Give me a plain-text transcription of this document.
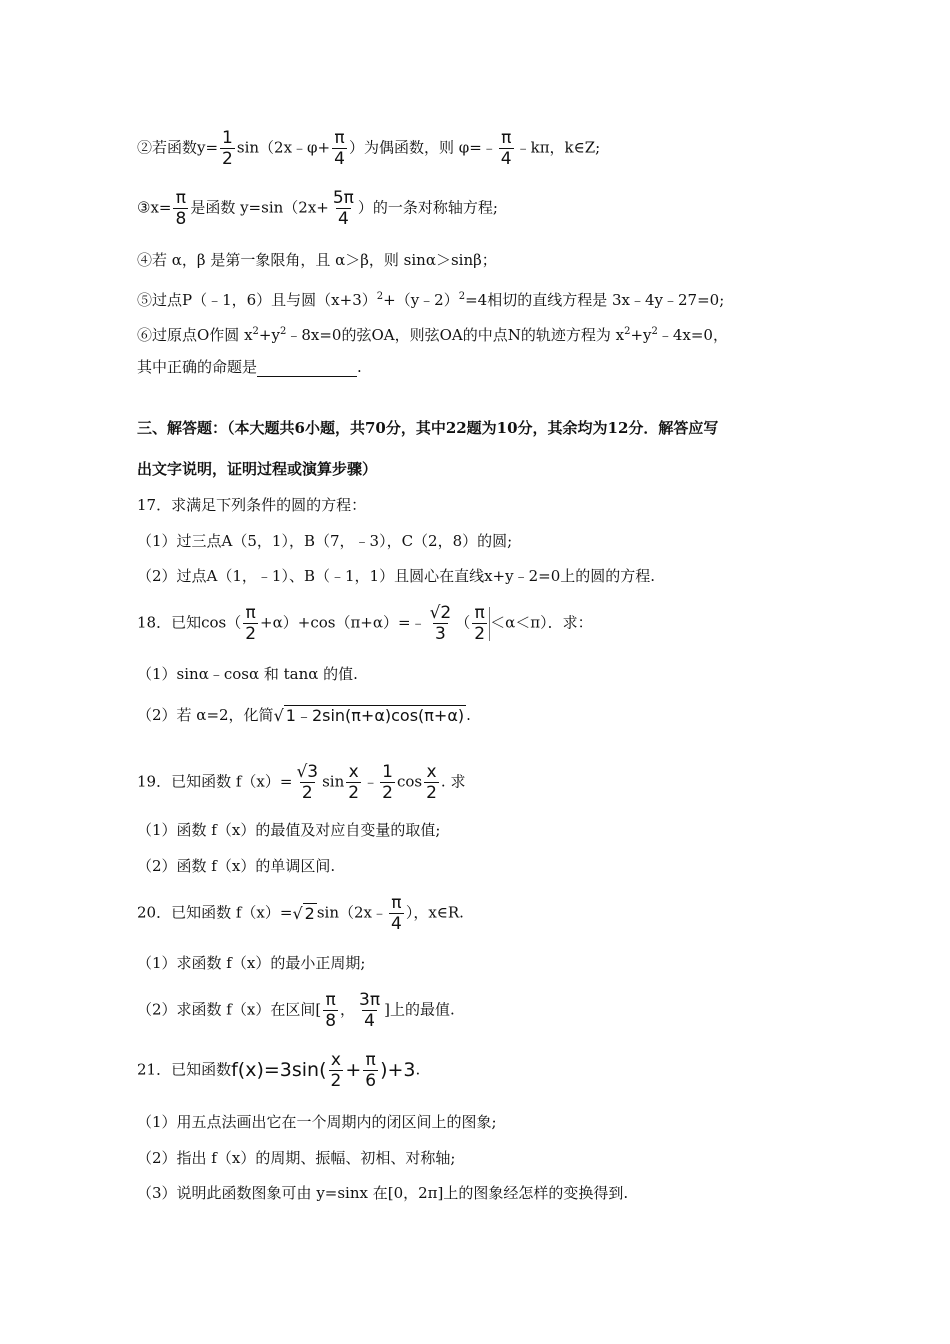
②若函数$y= \frac{1}{2}$ sin（2x﹣φ+ $\frac{\pi}{4}$ ）为偶函数，则 φ=﹣ $\frac{\pi}{4}$ ﹣kπ，k∈Z;
③x= $\frac{\pi}{8}$ 是函数 $y=\sin(2x+ \frac{5\pi}{4}$ ）的一条对称轴方程;
④若 α，β 是第一象限角，且 α＞β，则 sinα＞sinβ；
⑤过点P（﹣1，6）且与圆$(x+3)^2+(y﹣2)^2=4$相切的直线方程是 3x﹣4y﹣27=0;
⑥过原点O作圆 $x^2+y^2﹣8x=0$的弦OA，则弦OA的中点N的轨迹方程为 $x^2+y^2﹣4x=0$，
其中正确的命题是	.
三、解答题：（本大题共6小题，共70分，其中22题为10分，其余均为12分．解答应写
出文字说明，证明过程或演算步骤）
17．求满足下列条件的圆的方程：
（1）过三点A（5，1），B（7，﹣3），C（2，8）的圆;
（2）过点A（1，﹣1）、B（﹣1，1）且圆心在直线x+y﹣2=0上的圆的方程.
18．已知$\cos( \frac{\pi}{2}$ +α）+cos（π+α）=﹣ $\frac{√2}{3}$ （ $\frac{\pi}{2} <\alpha<\pi$）．求：
（1）sinα﹣cosα 和 tanα 的值.
（2）若 α=2，化简√ 1﹣2sin(π+α)cos(π+α) .
19．已知函数 $f(x)= \frac{√3}{2}$ $\sin \frac{x}{2}$ ﹣ $\frac{1}{2}$ $\cos \frac{x}{2}$ . 求
（1）函数 f（x）的最值及对应自变量的取值;
（2）函数 f（x）的单调区间.
20．已知函数 f（x）=√ 2 sin（2x﹣ $\frac{\pi}{4}$ ），x∈R.
（1）求函数 f（x）的最小正周期;
（2）求函数 f（x）在区间[ $\frac{\pi}{8}$ ， $\frac{3\pi}{4}$ ]上的最值.
21．已知函数$f(x)=3\sin( \frac{x}{2} + \frac{\pi}{6} )+3$.
（1）用五点法画出它在一个周期内的闭区间上的图象;
（2）指出 f（x）的周期、振幅、初相、对称轴;
（3）说明此函数图象可由 y=sinx 在[0，2π]上的图象经怎样的变换得到.
